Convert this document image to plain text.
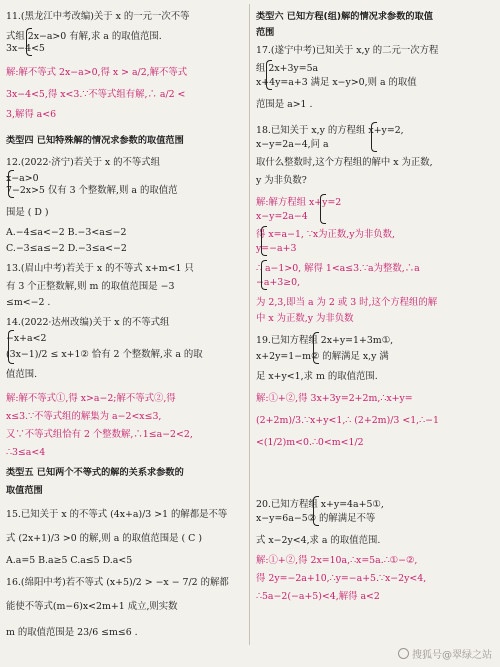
11.(黑龙江中考改编)关于 x 的一元一次不等
式组 2x−a>0 有解,求 a 的取值范围.
3x−4<5
解:解不等式 2x−a>0,得 x > a/2,解不等式
3x−4<5,得 x<3.∵不等式组有解,∴ a/2 <
3,解得 a<6
类型四 已知特殊解的情况求参数的取值范围
12.(2022·济宁)若关于 x 的不等式组
x−a>0
7−2x>5 仅有 3 个整数解,则 a 的取值范
围是 ( D )
A.−4≤a<−2 B.−3<a≤−2
C.−3≤a≤−2 D.−3≤a<−2
13.(眉山中考)若关于 x 的不等式 x+m<1 只
有 3 个正整数解,则 m 的取值范围是 −3
≤m<−2 .
14.(2022·达州改编)关于 x 的不等式组
−x+a<2
(3x−1)/2 ≤ x+1② 恰有 2 个整数解,求 a 的取
值范围.
解:解不等式①,得 x>a−2;解不等式②,得
x≤3.∵不等式组的解集为 a−2<x≤3,
又∵不等式组恰有 2 个整数解,∴1≤a−2<2,
∴3≤a<4
类型五 已知两个不等式的解的关系求参数的
取值范围
15.已知关于 x 的不等式 (4x+a)/3 >1 的解都是不等
式 (2x+1)/3 >0 的解,则 a 的取值范围是 ( C )
A.a=5 B.a≥5 C.a≤5 D.a<5
16.(绵阳中考)若不等式 (x+5)/2 > −x − 7/2 的解都
能使不等式(m−6)x<2m+1 成立,则实数
m 的取值范围是 23/6 ≤m≤6 .
类型六 已知方程(组)解的情况求参数的取值
范围
17.(遂宁中考)已知关于 x,y 的二元一次方程
组 2x+3y=5a
x+4y=a+3 满足 x−y>0,则 a 的取值
范围是 a>1 .
18.已知关于 x,y 的方程组 x+y=2,
x−y=2a−4,问 a
取什么整数时,这个方程组的解中 x 为正数,
y 为非负数?
解:解方程组 x+y=2
x−y=2a−4
得 x=a−1, ∵x为正数,y为非负数,
y=−a+3
∴ a−1>0, 解得 1<a≤3.∵a为整数,∴a
−a+3≥0,
为 2,3,即当 a 为 2 或 3 时,这个方程组的解
中 x 为正数,y 为非负数
19.已知方程组 2x+y=1+3m①,
x+2y=1−m② 的解满足 x,y 满
足 x+y<1,求 m 的取值范围.
解:①+②,得 3x+3y=2+2m,∴x+y=
(2+2m)/3.∵x+y<1,∴ (2+2m)/3 <1,∴−1
<(1/2)m<0.∴0<m<1/2
20.已知方程组 x+y=4a+5①,
x−y=6a−5② 的解满足不等
式 x−2y<4,求 a 的取值范围.
解:①+②,得 2x=10a,∴x=5a.∴①−②,
得 2y=−2a+10,∴y=−a+5.∵x−2y<4,
∴5a−2(−a+5)<4,解得 a<2
搜狐号@翠绿之站
